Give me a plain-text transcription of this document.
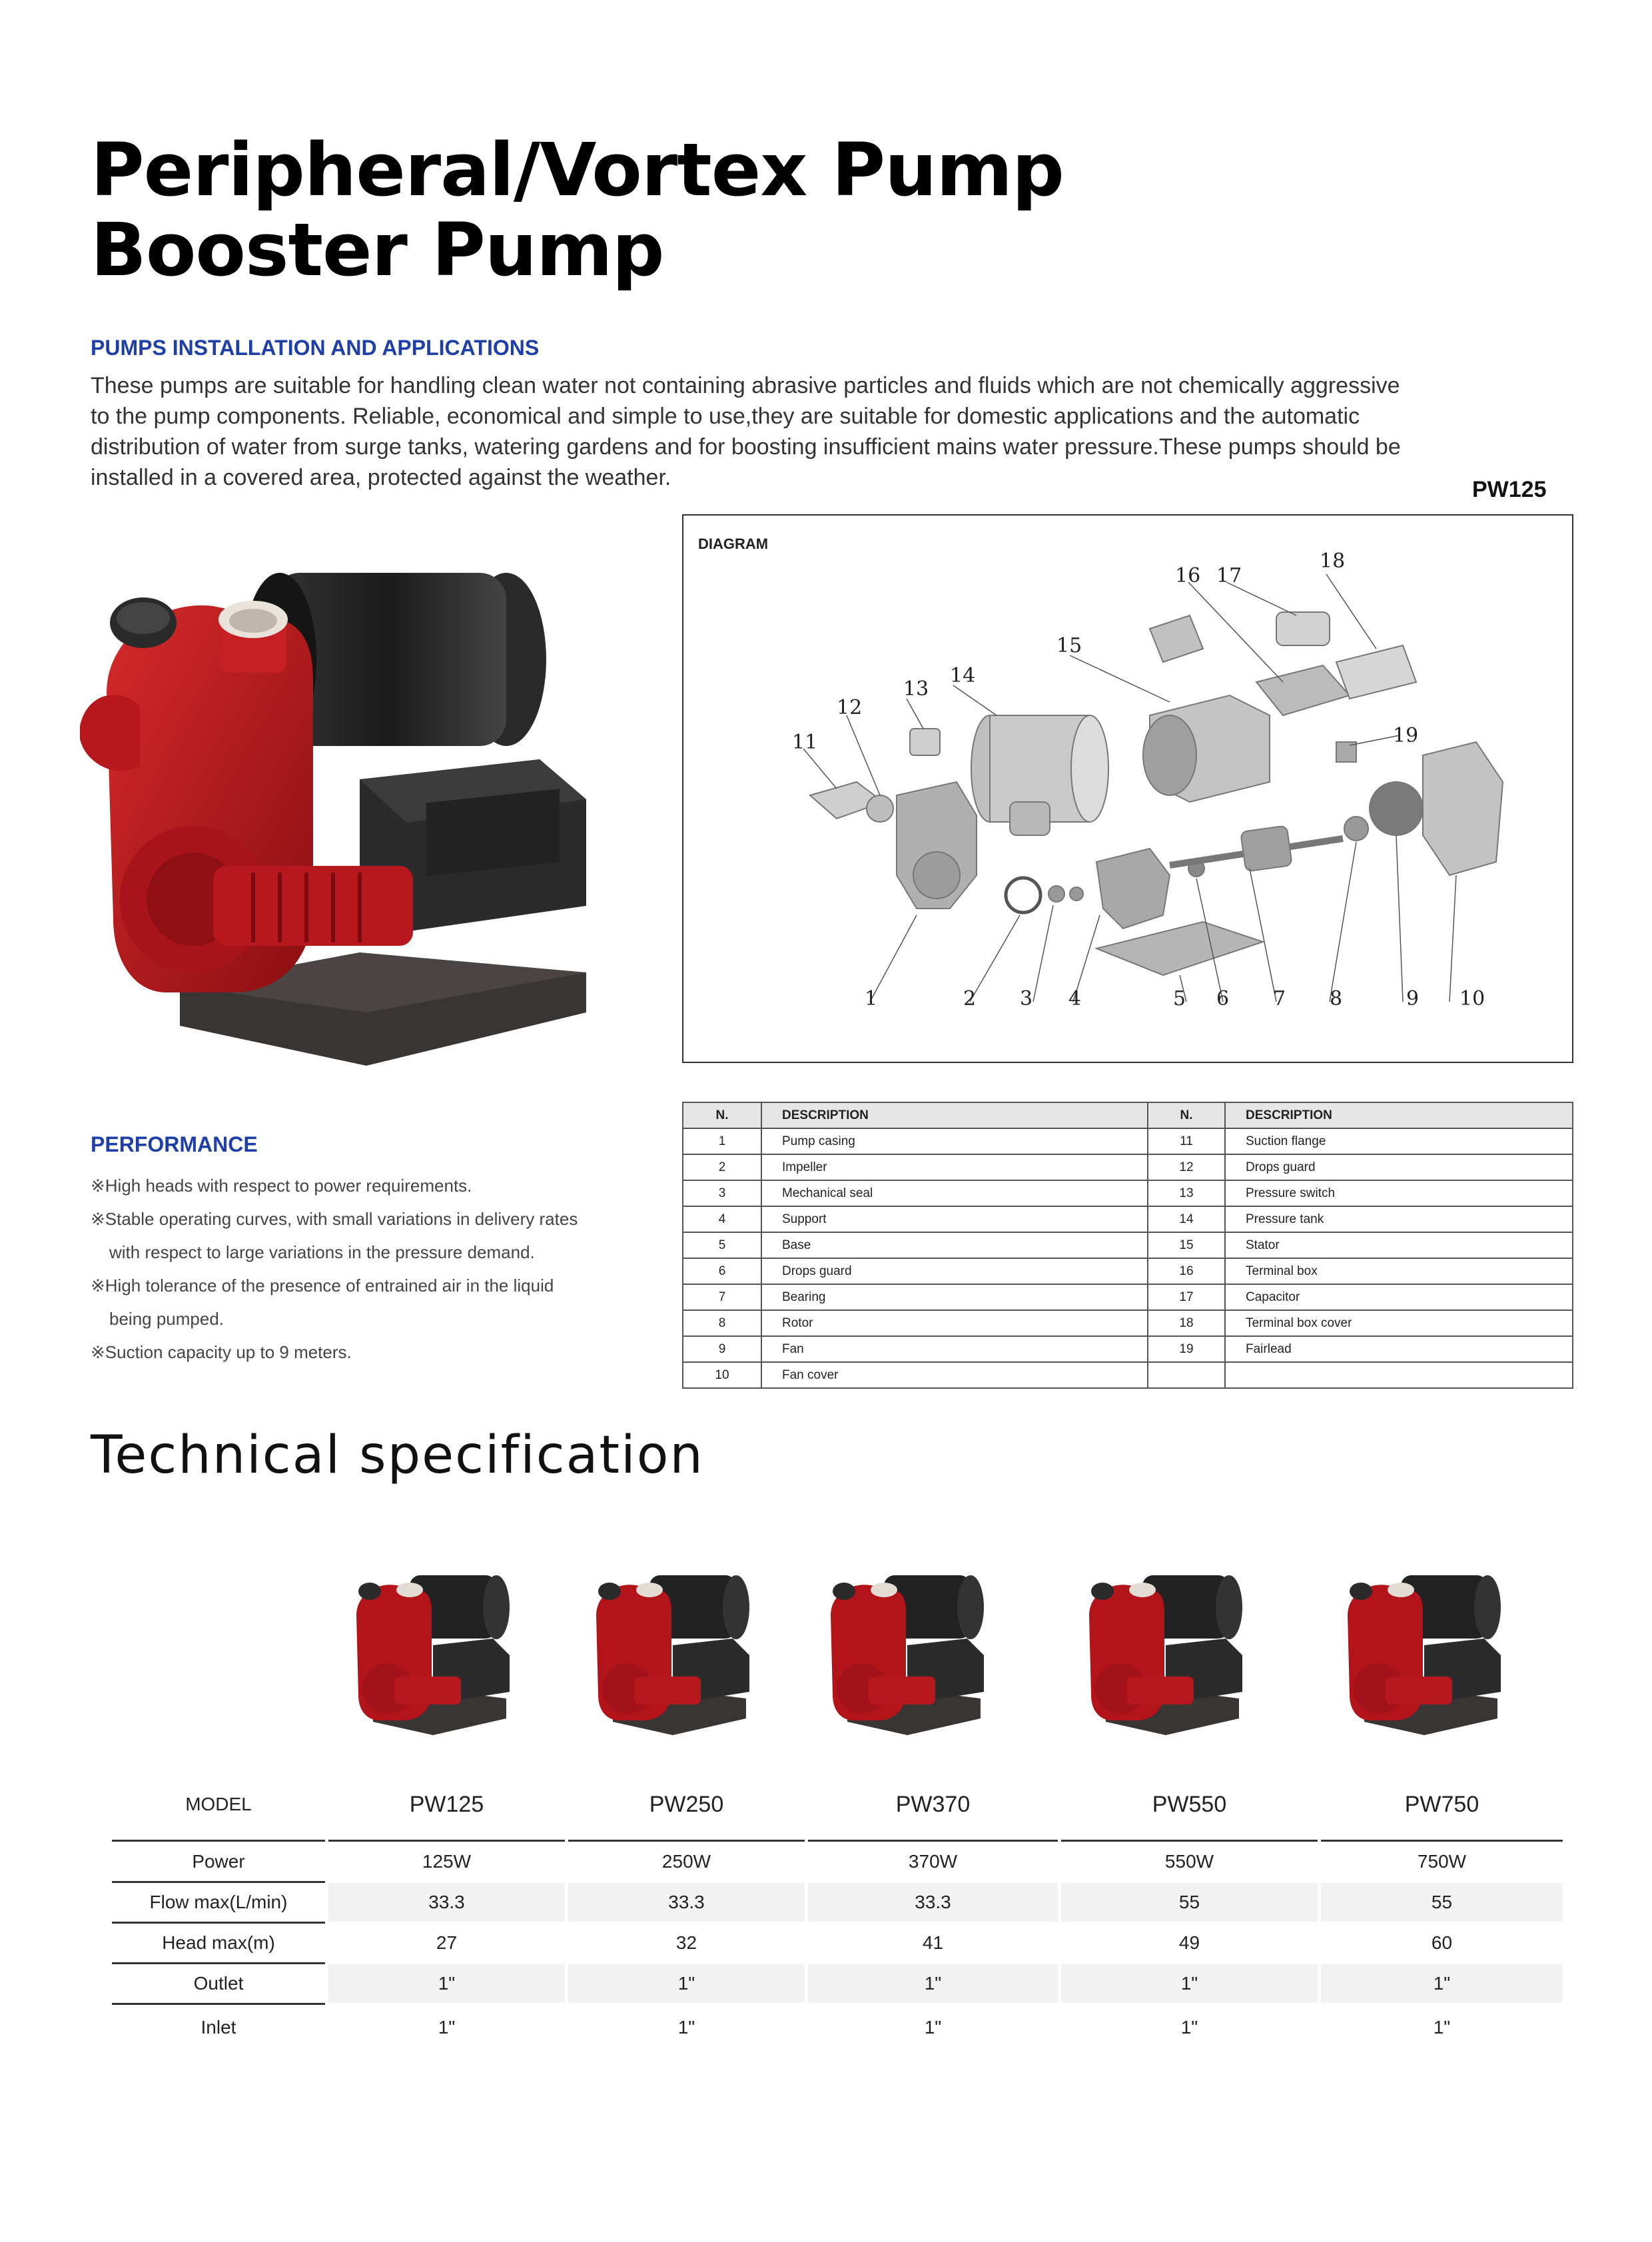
Peripheral/Vortex Pump
Booster Pump
PUMPS INSTALLATION AND APPLICATIONS
These pumps are suitable for handling clean water not containing abrasive particles and fluids which are not chemically aggressive
to the pump components. Reliable, economical and simple to use,they are suitable for domestic applications and the automatic
distribution of water from surge tanks, watering gardens and for boosting insufficient mains water pressure.These pumps should be
installed in a covered area, protected against the weather.	PW125
DIAGRAM
1	2 3 4	5 6 7 8	9 10
11
12
13
14
15
16 17
18
19
N.	DESCRIPTION	N.	DESCRIPTION
1	Pump casing	11	Suction flange
2	Impeller	12	Drops guard
3	Mechanical seal	13	Pressure switch
4	Support	14	Pressure tank
5	Base	15	Stator
6	Drops guard	16	Terminal box
7	Bearing	17	Capacitor
8	Rotor	18	Terminal box cover
9	Fan	19	Fairlead
10	Fan cover		
PERFORMANCE
※High heads with respect to power requirements.
※Stable operating curves, with small variations in delivery rates
with respect to large variations in the pressure demand.
※High tolerance of the presence of entrained air in the liquid
being pumped.
※Suction capacity up to 9 meters.
Technical specification
MODEL	PW125	PW250	PW370	PW550	PW750
Power	125W	250W	370W	550W	750W
Flow max(L/min)	33.3	33.3	33.3	55	55
Head max(m)	27	32	41	49	60
Outlet	1"	1"	1"	1"	1"
Inlet	1"	1"	1"	1"	1"
